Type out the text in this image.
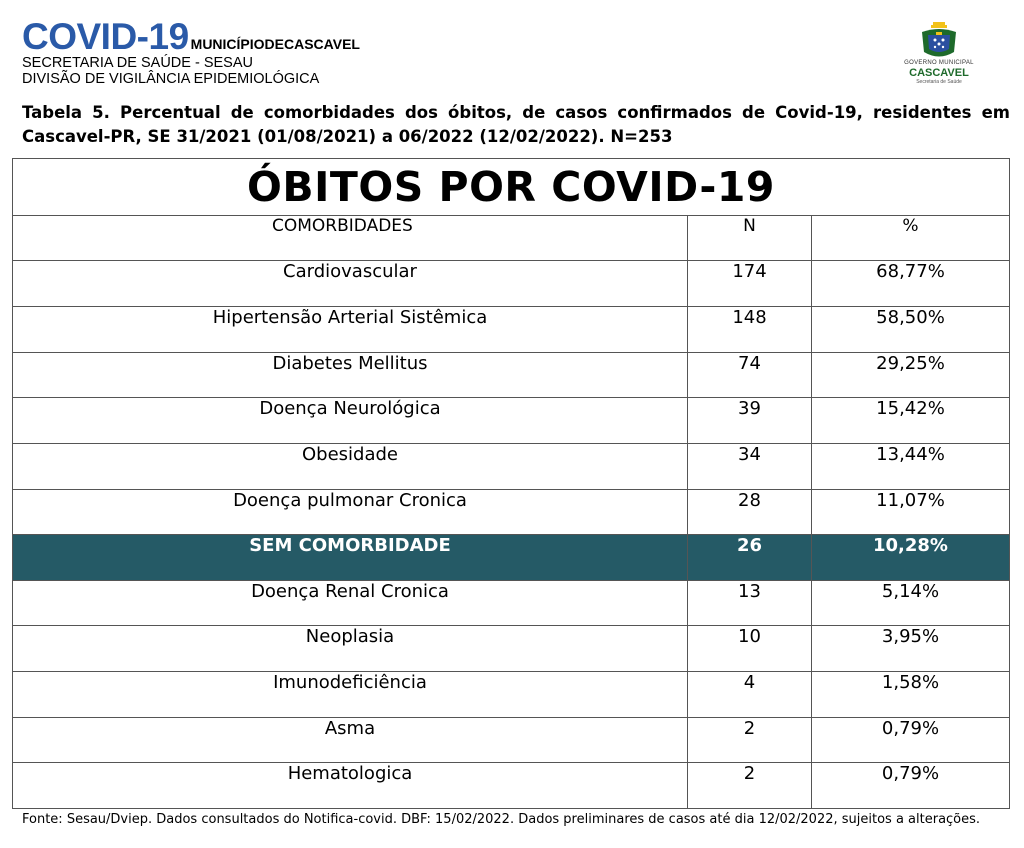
COVID-19 MUNICÍPIODECASCAVEL
SECRETARIA DE SAÚDE - SESAU
DIVISÃO DE VIGILÂNCIA EPIDEMIOLÓGICA
GOVERNO MUNICIPAL
CASCAVEL
Secretaria de Saúde
Tabela 5. Percentual de comorbidades dos óbitos, de casos confirmados de Covid-19, residentes em Cascavel-PR, SE 31/2021 (01/08/2021) a 06/2022 (12/02/2022). N=253
ÓBITOS POR COVID-19		
COMORBIDADES	N	%
Cardiovascular	174	68,77%
Hipertensão Arterial Sistêmica	148	58,50%
Diabetes Mellitus	74	29,25%
Doença Neurológica	39	15,42%
Obesidade	34	13,44%
Doença pulmonar Cronica	28	11,07%
SEM COMORBIDADE	26	10,28%
Doença Renal Cronica	13	5,14%
Neoplasia	10	3,95%
Imunodeficiência	4	1,58%
Asma	2	0,79%
Hematologica	2	0,79%
Fonte: Sesau/Dviep. Dados consultados do Notifica-covid. DBF: 15/02/2022. Dados preliminares de casos até dia 12/02/2022, sujeitos a alterações.
